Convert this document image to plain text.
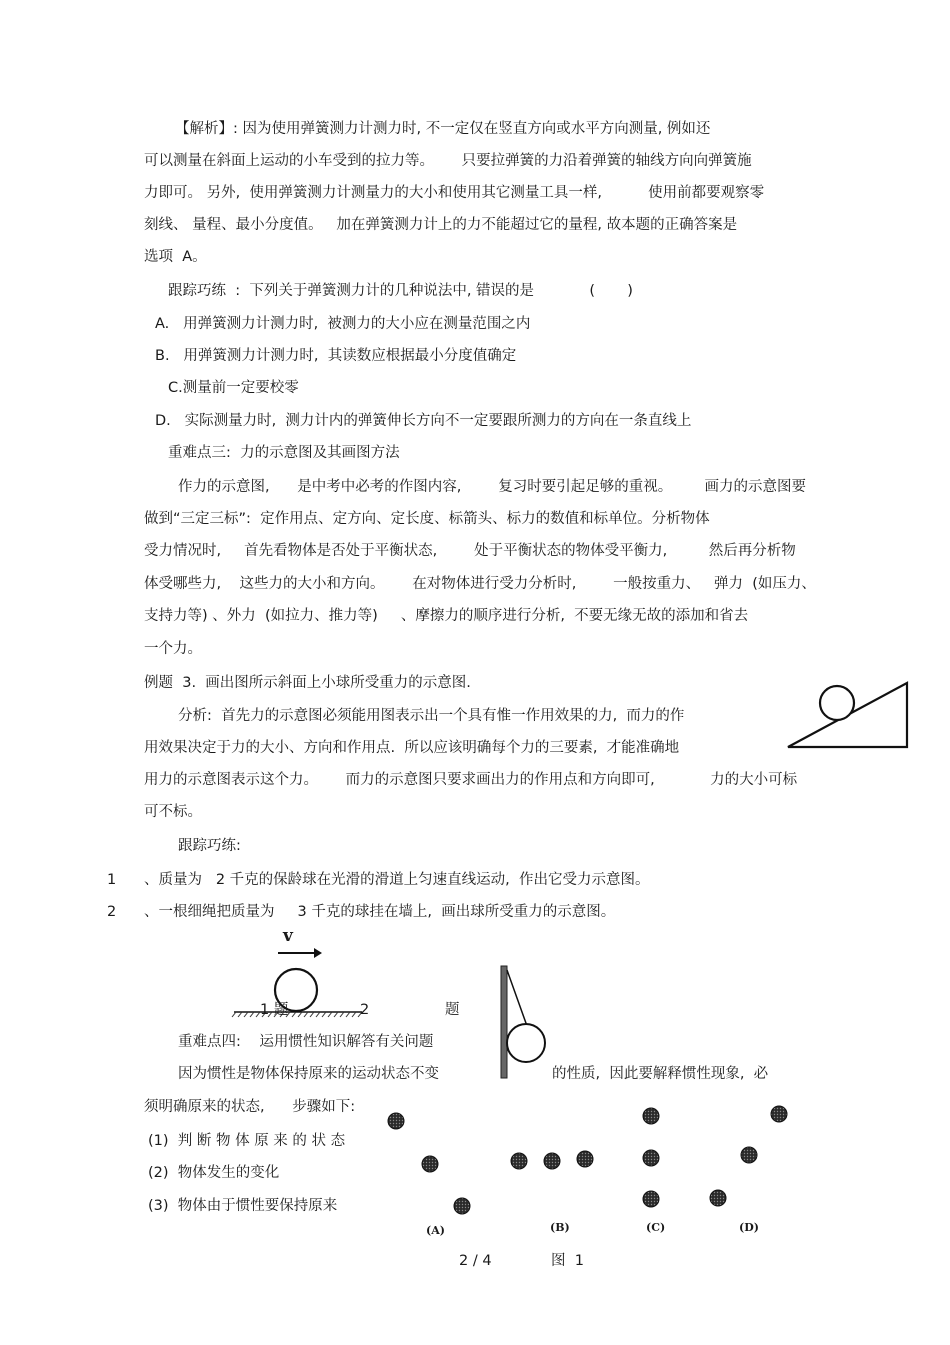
【解析】: 因为使用弹簧测力计测力时, 不一定仅在竖直方向或水平方向测量, 例如还
可以测量在斜面上运动的小车受到的拉力等。      只要拉弹簧的力沿着弹簧的轴线方向向弹簧施
力即可。 另外,  使用弹簧测力计测量力的大小和使用其它测量工具一样,          使用前都要观察零
刻线、 量程、最小分度值。   加在弹簧测力计上的力不能超过它的量程, 故本题的正确答案是
选项  A。
跟踪巧练  :  下列关于弹簧测力计的几种说法中, 错误的是            (       )
A.   用弹簧测力计测力时,  被测力的大小应在测量范围之内
B.   用弹簧测力计测力时,  其读数应根据最小分度值确定
C.测量前一定要校零
D.   实际测量力时,  测力计内的弹簧伸长方向不一定要跟所测力的方向在一条直线上
重难点三:  力的示意图及其画图方法
作力的示意图,      是中考中必考的作图内容,        复习时要引起足够的重视。       画力的示意图要
做到“三定三标”:  定作用点、定方向、定长度、标箭头、标力的数值和标单位。分析物体
受力情况时,     首先看物体是否处于平衡状态,        处于平衡状态的物体受平衡力,         然后再分析物
体受哪些力,    这些力的大小和方向。      在对物体进行受力分析时,        一般按重力、   弹力  (如压力、
支持力等) 、外力  (如拉力、推力等)     、摩擦力的顺序进行分析,  不要无缘无故的添加和省去
一个力。
例题  3.  画出图所示斜面上小球所受重力的示意图.
分析:  首先力的示意图必须能用图表示出一个具有惟一作用效果的力,  而力的作
用效果决定于力的大小、方向和作用点.  所以应该明确每个力的三要素,  才能准确地
用力的示意图表示这个力。      而力的示意图只要求画出力的作用点和方向即可,            力的大小可标
可不标。
跟踪巧练:
1 、质量为   2 千克的保龄球在光滑的滑道上匀速直线运动,  作出它受力示意图。
2 、一根细绳把质量为     3 千克的球挂在墙上,  画出球所受重力的示意图。
v
1 题	2	题
重难点四:    运用惯性知识解答有关问题
因为惯性是物体保持原来的运动状态不变	的性质,  因此要解释惯性现象,  必
须明确原来的状态,      步骤如下:
(1)  判 断 物 体 原 来 的 状 态
(2)  物体发生的变化
(3)  物体由于惯性要保持原来
(A)	(B)	(C)	(D)
2 / 4	图  1
